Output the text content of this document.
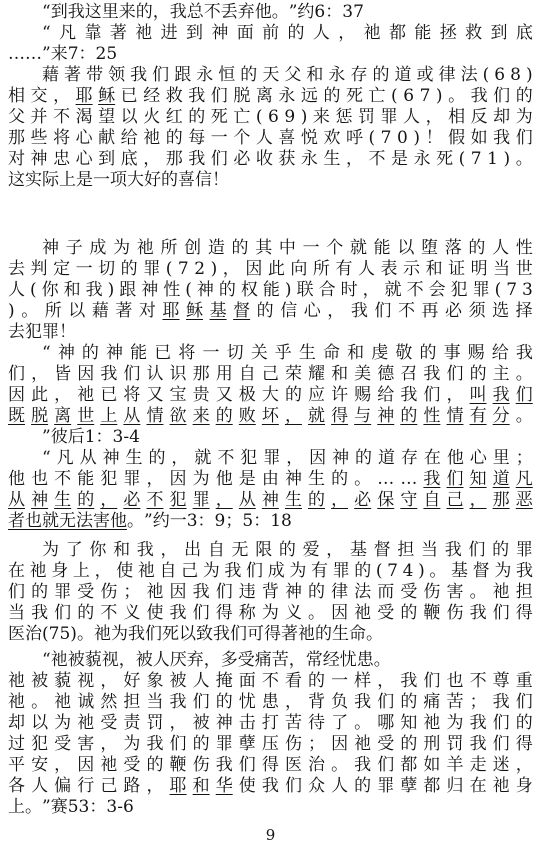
“ 到 我 这 里 来 的 ， 我 总 不 丢 弃 他 。 ” 约 6 ： 3 7
“ 凡 靠 著 祂 进 到 神 面 前 的 人 ， 祂 都 能 拯 救 到 底
… … ” 来 7 ： 2 5
藉 著 带 领 我 们 跟 永 恒 的 天 父 和 永 存 的 道 或 律 法 ( 6 8 )
相 交 ， 耶 稣 已 经 救 我 们 脱 离 永 远 的 死 亡 ( 6 7 ) 。 我 们 的
父 并 不 渴 望 以 火 红 的 死 亡 ( 6 9 ) 来 惩 罚 罪 人 ， 相 反 却 为
那 些 将 心 献 给 祂 的 每 一 个 人 喜 悦 欢 呼 ( 7 0 ) ！ 假 如 我 们
对 神 忠 心 到 底 ， 那 我 们 必 收 获 永 生 ， 不 是 永 死 ( 7 1 ) 。
这 实 际 上 是 一 项 大 好 的 喜 信 ！
神 子 成 为 祂 所 创 造 的 其 中 一 个 就 能 以 堕 落 的 人 性
去 判 定 一 切 的 罪 ( 7 2 ) ， 因 此 向 所 有 人 表 示 和 证 明 当 世
人 ( 你 和 我 ) 跟 神 性 ( 神 的 权 能 ) 联 合 时 ， 就 不 会 犯 罪 ( 7 3
) 。 所 以 藉 著 对 耶 稣 基 督 的 信 心 ， 我 们 不 再 必 须 选 择
去 犯 罪 ！
“ 神 的 神 能 已 将 一 切 关 乎 生 命 和 虔 敬 的 事 赐 给 我
们 ， 皆 因 我 们 认 识 那 用 自 己 荣 耀 和 美 德 召 我 们 的 主 。
因 此 ， 祂 已 将 又 宝 贵 又 极 大 的 应 许 赐 给 我 们 ， 叫 我 们
既 脱 离 世 上 从 情 欲 来 的 败 坏 ， 就 得 与 神 的 性 情 有 分 。
” 彼 后 1 ： 3 - 4
“ 凡 从 神 生 的 ， 就 不 犯 罪 ， 因 神 的 道 存 在 他 心 里 ；
他 也 不 能 犯 罪 ， 因 为 他 是 由 神 生 的 。 … … 我 们 知 道 凡
从 神 生 的 ， 必 不 犯 罪 ， 从 神 生 的 ， 必 保 守 自 己 ， 那 恶
者 也 就 无 法 害 他 。 ” 约 一 3 ： 9 ； 5 ： 1 8
为 了 你 和 我 ， 出 自 无 限 的 爱 ， 基 督 担 当 我 们 的 罪
在 祂 身 上 ， 使 祂 自 己 为 我 们 成 为 有 罪 的 ( 7 4 ) 。 基 督 为 我
们 的 罪 受 伤 ； 祂 因 我 们 违 背 神 的 律 法 而 受 伤 害 。 祂 担
当 我 们 的 不 义 使 我 们 得 称 为 义 。 因 祂 受 的 鞭 伤 我 们 得
医 治 ( 7 5 ) 。 祂 为 我 们 死 以 致 我 们 可 得 著 祂 的 生 命 。
“ 祂 被 藐 视 ， 被 人 厌 弃 ， 多 受 痛 苦 ， 常 经 忧 患 。
祂 被 藐 视 ， 好 象 被 人 掩 面 不 看 的 一 样 ， 我 们 也 不 尊 重
祂 。 祂 诚 然 担 当 我 们 的 忧 患 ， 背 负 我 们 的 痛 苦 ； 我 们
却 以 为 祂 受 责 罚 ， 被 神 击 打 苦 待 了 。 哪 知 祂 为 我 们 的
过 犯 受 害 ， 为 我 们 的 罪 孽 压 伤 ； 因 祂 受 的 刑 罚 我 们 得
平 安 ， 因 祂 受 的 鞭 伤 我 们 得 医 治 。 我 们 都 如 羊 走 迷 ，
各 人 偏 行 己 路 ， 耶 和 华 使 我 们 众 人 的 罪 孽 都 归 在 祂 身
上 。 ” 赛 5 3 ： 3 - 6
9
